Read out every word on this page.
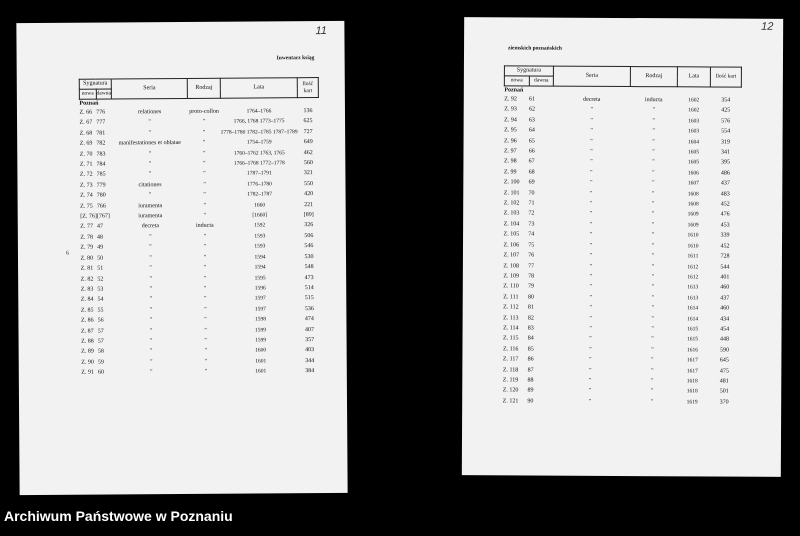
11
Inwentarz ksiąg
Sygnatura		Seria	Rodzaj	Lata	Ilość kart
nowa	dawna				
Poznań					
Z. 66	776	relationes	proto-collon	1764–1766	136
Z. 67	777	"	"	1766, 1768 1773–1775	625
Z. 68	781	"	"	1778–1780 1782–1785 1787–1789	727
Z. 69	782	manifestationes et oblatae	"	1754–1759	649
Z. 70	783	"	"	1760–1762 1763, 1765	462
Z. 71	784	"	"	1766–1768 1772–1778	560
Z. 72	785	"	"	1787–1791	321
Z. 73	779	citationes	"	1776–1780	550
Z. 74	780	"	"	1782–1787	420
Z. 75	766	iuramenta	"	1660	221
[Z. 76]	[767]	iuramenta	"	[1660]	[89]
Z. 77	47	decreta	inducta	1592	326
Z. 78	48	"	"	1593	506
Z. 79	49	"	"	1593	546
Z. 80	50	"	"	1594	530
Z. 81	51	"	"	1594	548
Z. 82	52	"	"	1595	473
Z. 83	53	"	"	1596	514
Z. 84	54	"	"	1597	515
Z. 85	55	"	"	1597	536
Z. 86	56	"	"	1598	474
Z. 87	57	"	"	1599	407
Z. 88	57	"	"	1599	357
Z. 89	58	"	"	1600	403
Z. 90	59	"	"	1601	344
Z. 91	60	"	"	1601	384
6
12
ziemskich poznańskich
Sygnatura		Seria	Rodzaj	Lata	Ilość kart
nowa	dawna				
Poznań					
Z. 92	61	decreta	inducta	1602	354
Z. 93	62	"	"	1602	425
Z. 94	63	"	"	1603	576
Z. 95	64	"	"	1603	554
Z. 96	65	"	"	1604	319
Z. 97	66	"	"	1605	341
Z. 98	67	"	"	1605	395
Z. 99	68	"	"	1606	486
Z. 100	69	"	"	1607	437
Z. 101	70	"	"	1608	483
Z. 102	71	"	"	1608	452
Z. 103	72	"	"	1609	476
Z. 104	73	"	"	1609	453
Z. 105	74	"	"	1610	339
Z. 106	75	"	"	1610	452
Z. 107	76	"	"	1611	728
Z. 108	77	"	"	1612	544
Z. 109	78	"	"	1612	401
Z. 110	79	"	"	1613	460
Z. 111	80	"	"	1613	437
Z. 112	81	"	"	1614	460
Z. 113	82	"	"	1614	434
Z. 114	83	"	"	1615	454
Z. 115	84	"	"	1615	448
Z. 116	85	"	"	1616	590
Z. 117	86	"	"	1617	645
Z. 118	87	"	"	1617	475
Z. 119	88	"	"	1618	481
Z. 120	89	"	"	1618	501
Z. 121	90	"	"	1619	370
Archiwum Państwowe w Poznaniu
